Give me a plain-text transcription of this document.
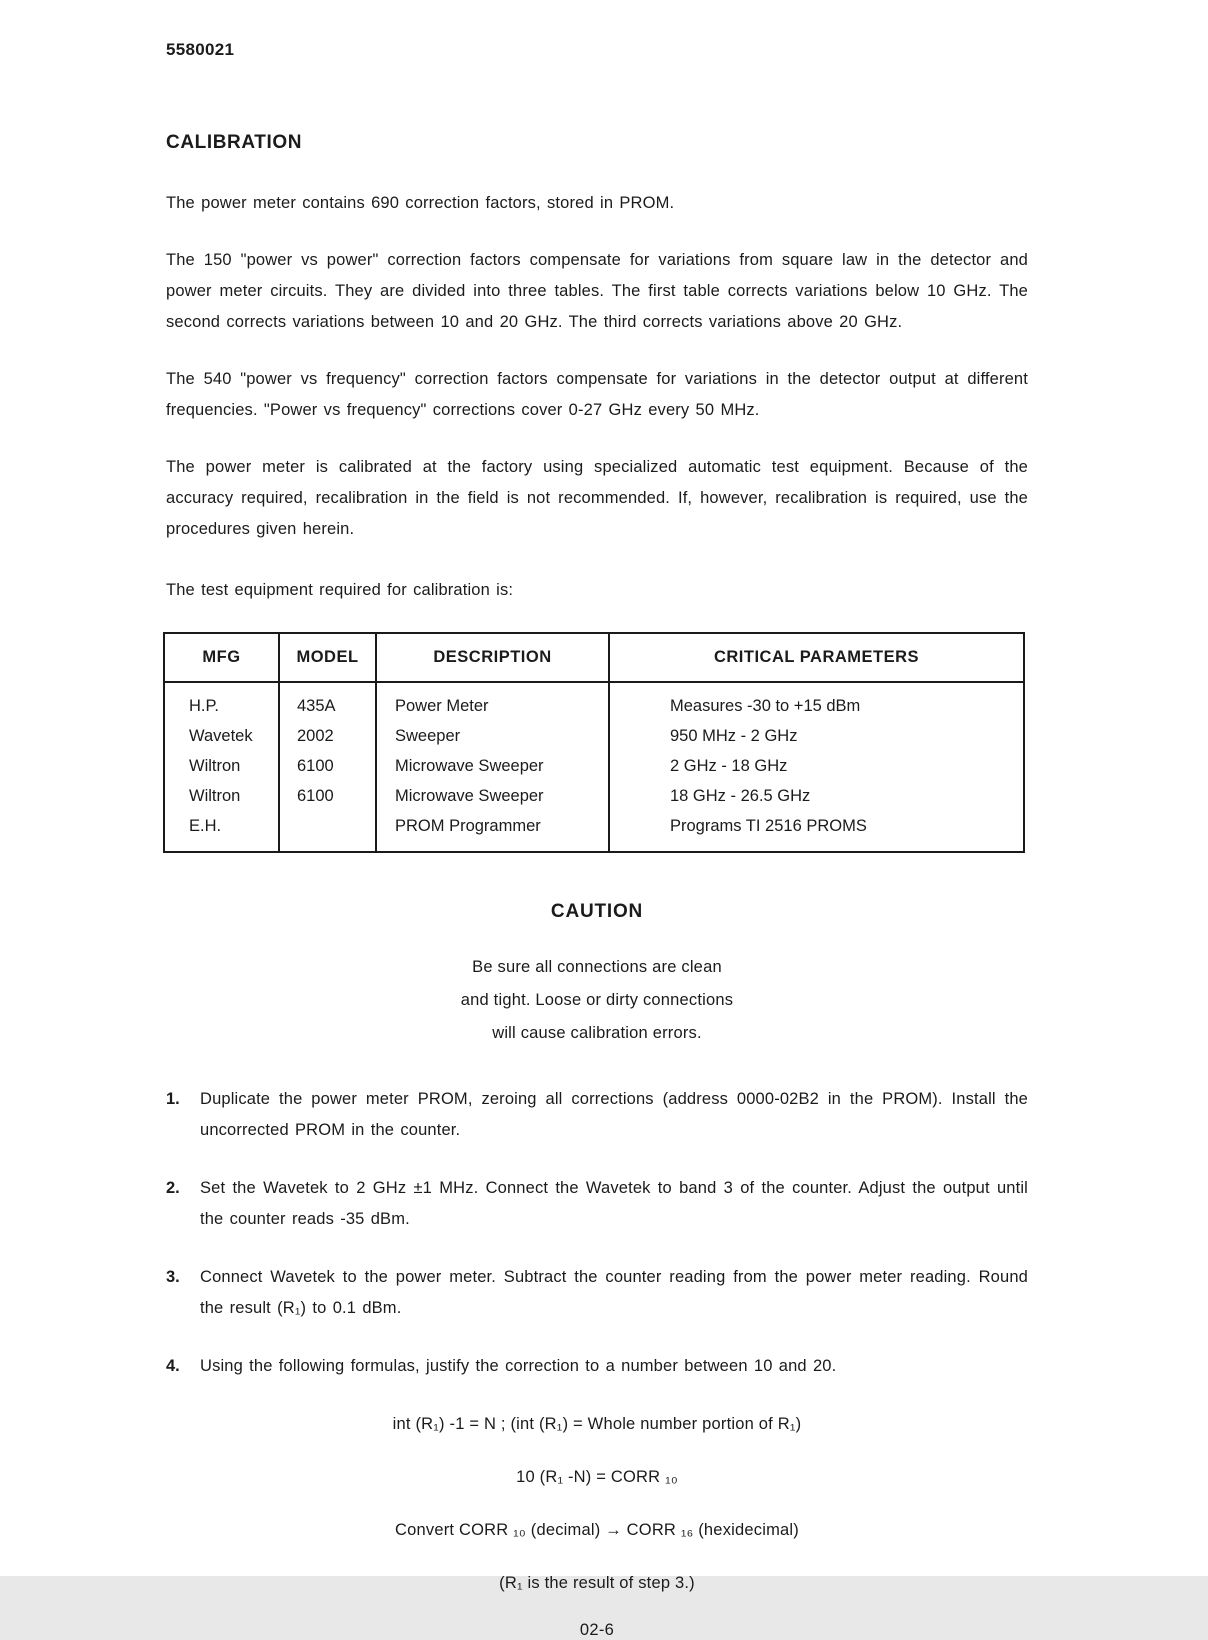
5580021
CALIBRATION
The power meter contains 690 correction factors, stored in PROM.
The 150 "power vs power" correction factors compensate for variations from square law in the detector and power meter circuits. They are divided into three tables. The first table corrects variations below 10 GHz. The second corrects variations between 10 and 20 GHz. The third corrects variations above 20 GHz.
The 540 "power vs frequency" correction factors compensate for variations in the detector output at different frequencies. "Power vs frequency" corrections cover 0-27 GHz every 50 MHz.
The power meter is calibrated at the factory using specialized automatic test equipment. Because of the accuracy required, recalibration in the field is not recommended. If, however, recalibration is required, use the procedures given herein.
The test equipment required for calibration is:
MFG	MODEL	DESCRIPTION	CRITICAL PARAMETERS
H.P.	435A	Power Meter	Measures -30 to +15 dBm
Wavetek	2002	Sweeper	950 MHz - 2 GHz
Wiltron	6100	Microwave Sweeper	2 GHz - 18 GHz
Wiltron	6100	Microwave Sweeper	18 GHz - 26.5 GHz
E.H.		PROM Programmer	Programs TI 2516 PROMS
CAUTION
Be sure all connections are clean
and tight. Loose or dirty connections
will cause calibration errors.
1.	Duplicate the power meter PROM, zeroing all corrections (address 0000-02B2 in the PROM). Install the uncorrected PROM in the counter.
2.	Set the Wavetek to 2 GHz ±1 MHz. Connect the Wavetek to band 3 of the counter. Adjust the output until the counter reads -35 dBm.
3.	Connect Wavetek to the power meter. Subtract the counter reading from the power meter reading. Round the result (R₁) to 0.1 dBm.
4.	Using the following formulas, justify the correction to a number between 10 and 20.
int (R₁) -1 = N ; (int (R₁) = Whole number portion of R₁)
10 (R₁ -N) = CORR ₁₀
Convert CORR ₁₀ (decimal) → CORR ₁₆ (hexidecimal)
(R₁ is the result of step 3.)
02-6
